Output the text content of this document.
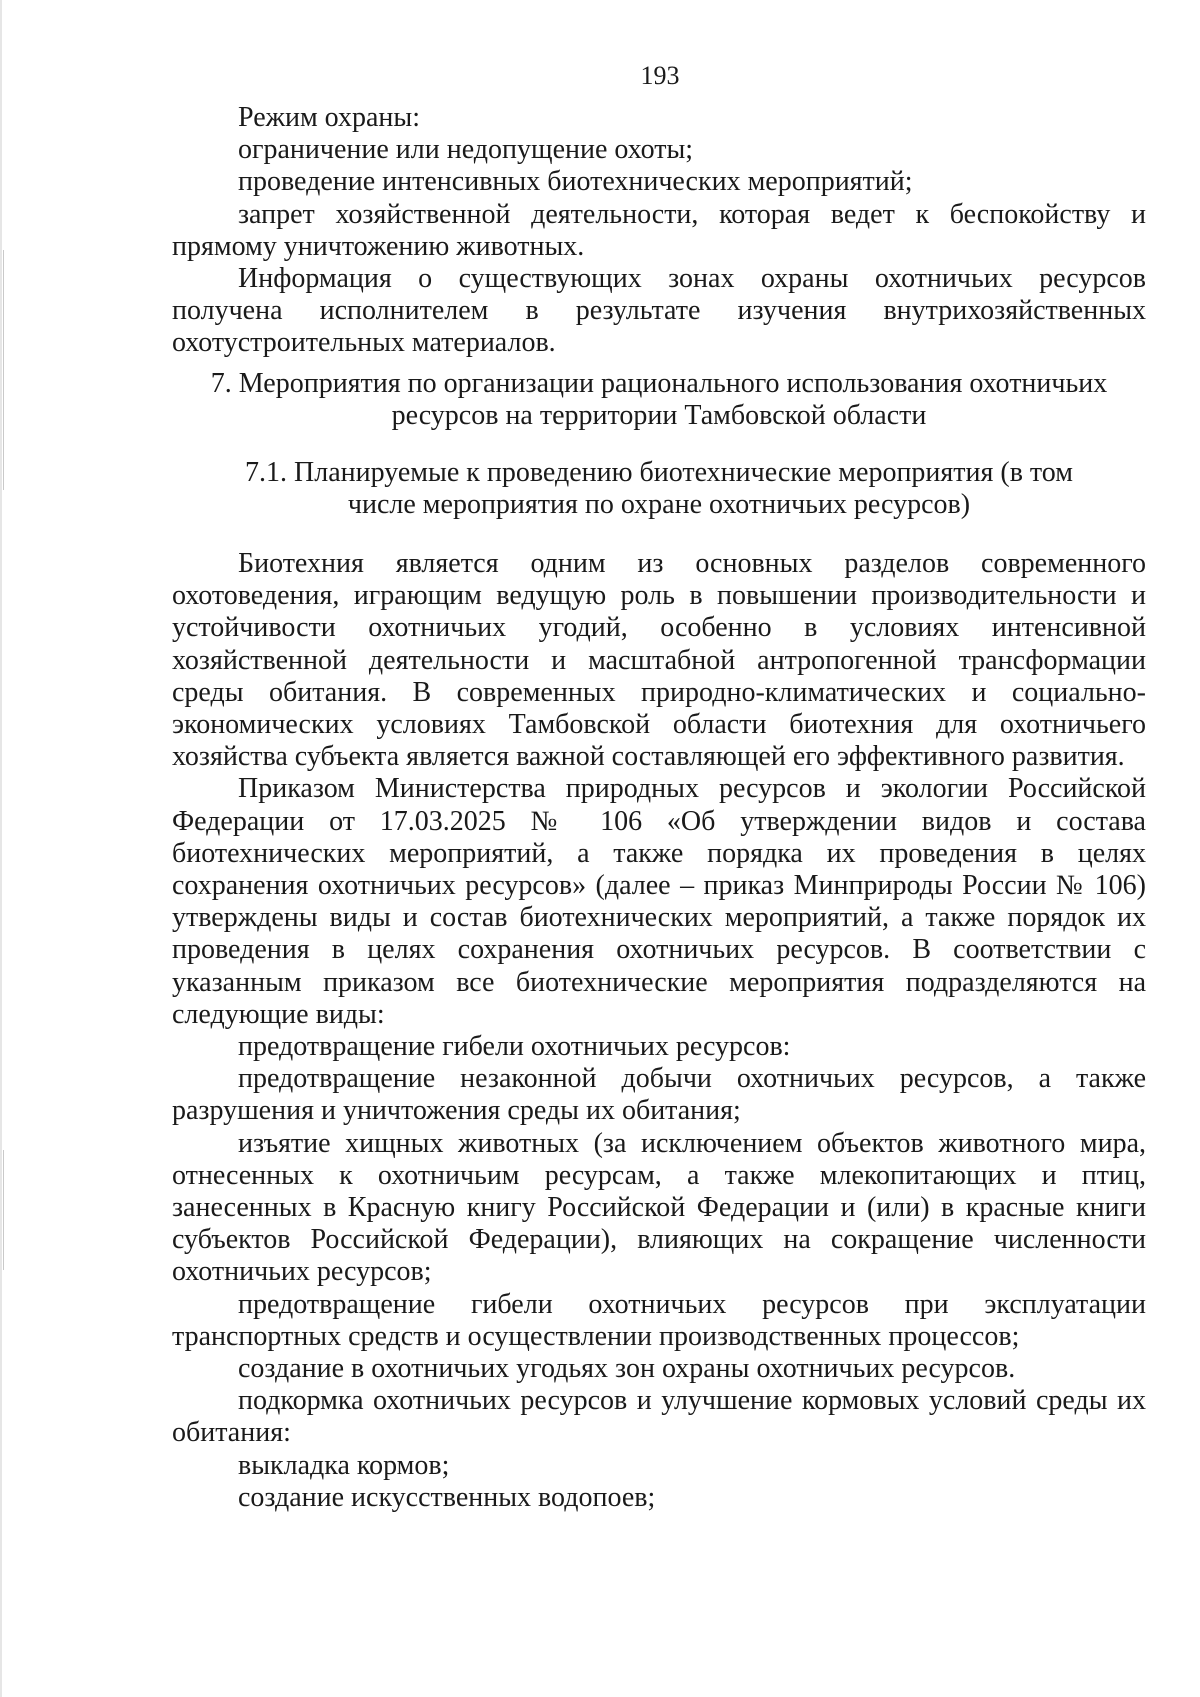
193

Режим охраны:

ограничение или недопущение охоты;

проведение интенсивных биотехнических мероприятий;

запрет хозяйственной деятельности, которая ведет к беспокойству и прямому уничтожению животных.

Информация о существующих зонах охраны охотничьих ресурсов получена исполнителем в результате изучения внутрихозяйственных охотустроительных материалов.

7. Мероприятия по организации рационального использования охотничьих
ресурсов на территории Тамбовской области
7.1. Планируемые к проведению биотехнические мероприятия (в том
числе мероприятия по охране охотничьих ресурсов)

Биотехния является одним из основных разделов современного охотоведения, играющим ведущую роль в повышении производительности и устойчивости охотничьих угодий, особенно в условиях интенсивной хозяйственной деятельности и масштабной антропогенной трансформации среды обитания. В современных природно-климатических и социально-экономических условиях Тамбовской области биотехния для охотничьего хозяйства субъекта является важной составляющей его эффективного развития.

Приказом Министерства природных ресурсов и экологии Российской Федерации от 17.03.2025 № 106 «Об утверждении видов и состава биотехнических мероприятий, а также порядка их проведения в целях сохранения охотничьих ресурсов» (далее – приказ Минприроды России № 106) утверждены виды и состав биотехнических мероприятий, а также порядок их проведения в целях сохранения охотничьих ресурсов. В соответствии с указанным приказом все биотехнические мероприятия подразделяются на следующие виды:

предотвращение гибели охотничьих ресурсов:

предотвращение незаконной добычи охотничьих ресурсов, а также разрушения и уничтожения среды их обитания;

изъятие хищных животных (за исключением объектов животного мира, отнесенных к охотничьим ресурсам, а также млекопитающих и птиц, занесенных в Красную книгу Российской Федерации и (или) в красные книги субъектов Российской Федерации), влияющих на сокращение численности охотничьих ресурсов;

предотвращение гибели охотничьих ресурсов при эксплуатации транспортных средств и осуществлении производственных процессов;

создание в охотничьих угодьях зон охраны охотничьих ресурсов.

подкормка охотничьих ресурсов и улучшение кормовых условий среды их обитания:

выкладка кормов;

создание искусственных водопоев;
